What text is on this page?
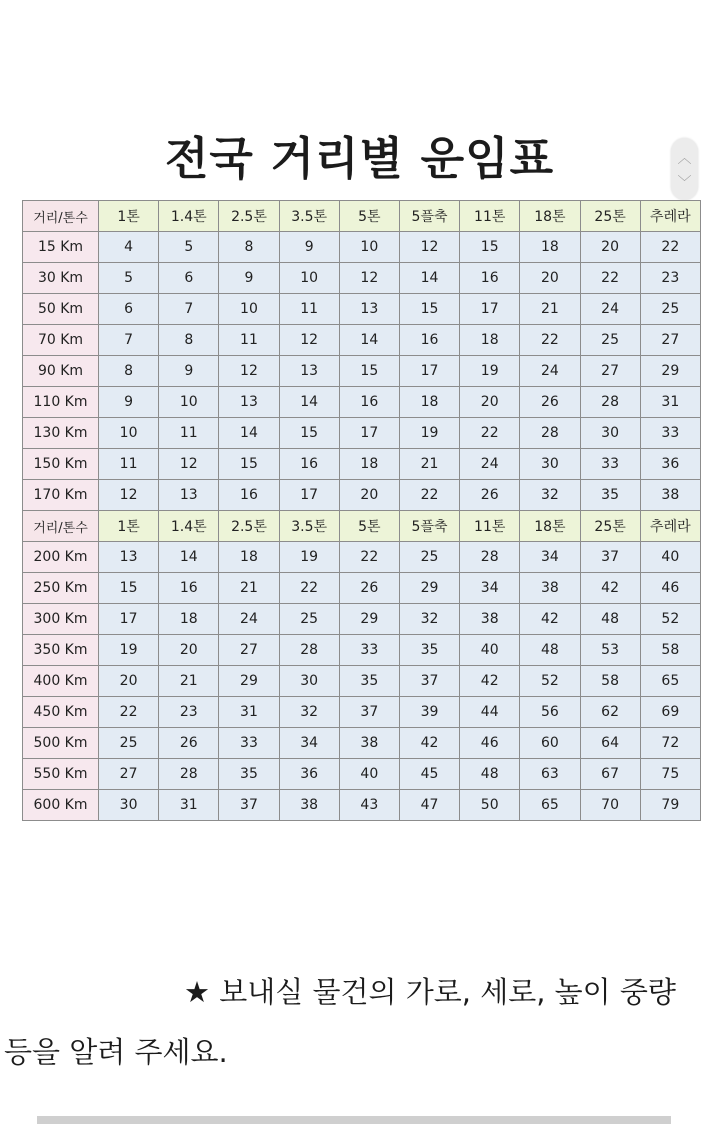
전국 거리별 운임표	︿
﹀
거리/톤수	1톤	1.4톤	2.5톤	3.5톤	5톤	5플축	11톤	18톤	25톤	추레라
15 Km	4	5	8	9	10	12	15	18	20	22
30 Km	5	6	9	10	12	14	16	20	22	23
50 Km	6	7	10	11	13	15	17	21	24	25
70 Km	7	8	11	12	14	16	18	22	25	27
90 Km	8	9	12	13	15	17	19	24	27	29
110 Km	9	10	13	14	16	18	20	26	28	31
130 Km	10	11	14	15	17	19	22	28	30	33
150 Km	11	12	15	16	18	21	24	30	33	36
170 Km	12	13	16	17	20	22	26	32	35	38
거리/톤수	1톤	1.4톤	2.5톤	3.5톤	5톤	5플축	11톤	18톤	25톤	추레라
200 Km	13	14	18	19	22	25	28	34	37	40
250 Km	15	16	21	22	26	29	34	38	42	46
300 Km	17	18	24	25	29	32	38	42	48	52
350 Km	19	20	27	28	33	35	40	48	53	58
400 Km	20	21	29	30	35	37	42	52	58	65
450 Km	22	23	31	32	37	39	44	56	62	69
500 Km	25	26	33	34	38	42	46	60	64	72
550 Km	27	28	35	36	40	45	48	63	67	75
600 Km	30	31	37	38	43	47	50	65	70	79
★ 보내실 물건의 가로, 세로, 높이 중량
등을 알려 주세요.
